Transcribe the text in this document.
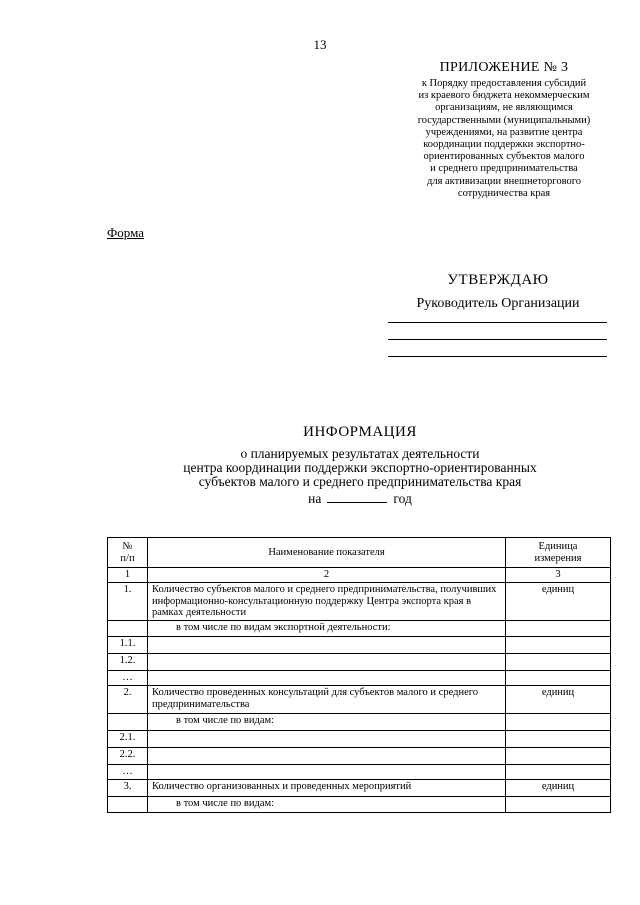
13
ПРИЛОЖЕНИЕ № 3
к Порядку предоставления субсидий
из краевого бюджета некоммерческим
организациям, не являющимся
государственными (муниципальными)
учреждениями, на развитие центра
координации поддержки экспортно-
ориентированных субъектов малого
и среднего предпринимательства
для активизации внешнеторгового
сотрудничества края
Форма
УТВЕРЖДАЮ
Руководитель Организации
ИНФОРМАЦИЯ
о планируемых результатах деятельности
центра координации поддержки экспортно-ориентированных
субъектов малого и среднего предпринимательства края
на	год
№
п/п	Наименование показателя	Единица
измерения
1	2	3
1.	Количество субъектов малого и среднего предпринимательства, получивших информационно-консультационную поддержку Центра экспорта края в рамках деятельности	единиц
	в том числе по видам экспортной деятельности:	
1.1.		
1.2.		
…		
2.	Количество проведенных консультаций для субъектов малого и среднего предпринимательства	единиц
	в том числе по видам:	
2.1.		
2.2.		
…		
3.	Количество организованных и проведенных мероприятий	единиц
	в том числе по видам:	
